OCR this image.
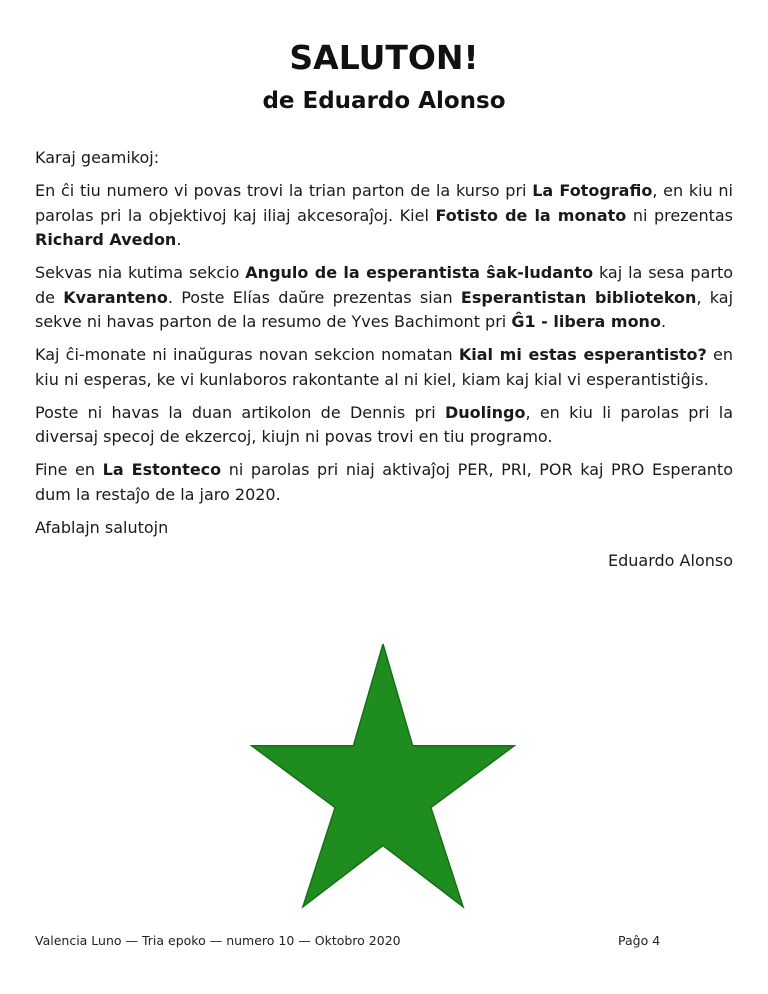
SALUTON!
de Eduardo Alonso

Karaj geamikoj:

En ĉi tiu numero vi povas trovi la trian parton de la kurso pri La Fotografio, en kiu ni parolas pri la objektivoj kaj iliaj akcesoraĵoj. Kiel Fotisto de la monato ni prezentas Richard Avedon.

Sekvas nia kutima sekcio Angulo de la esperantista ŝak-ludanto kaj la sesa parto de Kvaranteno. Poste Elías daŭre prezentas sian Esperantistan bibliotekon, kaj sekve ni havas parton de la resumo de Yves Bachimont pri Ĝ1 - libera mono.

Kaj ĉi-monate ni inaŭguras novan sekcion nomatan Kial mi estas esperantisto? en kiu ni esperas, ke vi kunlaboros rakontante al ni kiel, kiam kaj kial vi esperantistiĝis.

Poste ni havas la duan artikolon de Dennis pri Duolingo, en kiu li parolas pri la diversaj specoj de ekzercoj, kiujn ni povas trovi en tiu programo.

Fine en La Estonteco ni parolas pri niaj aktivaĵoj PER, PRI, POR kaj PRO Esperanto dum la restaĵo de la jaro 2020.

Afablajn salutojn

Eduardo Alonso

Valencia Luno — Tria epoko — numero 10 — Oktobro 2020	Paĝo 4
